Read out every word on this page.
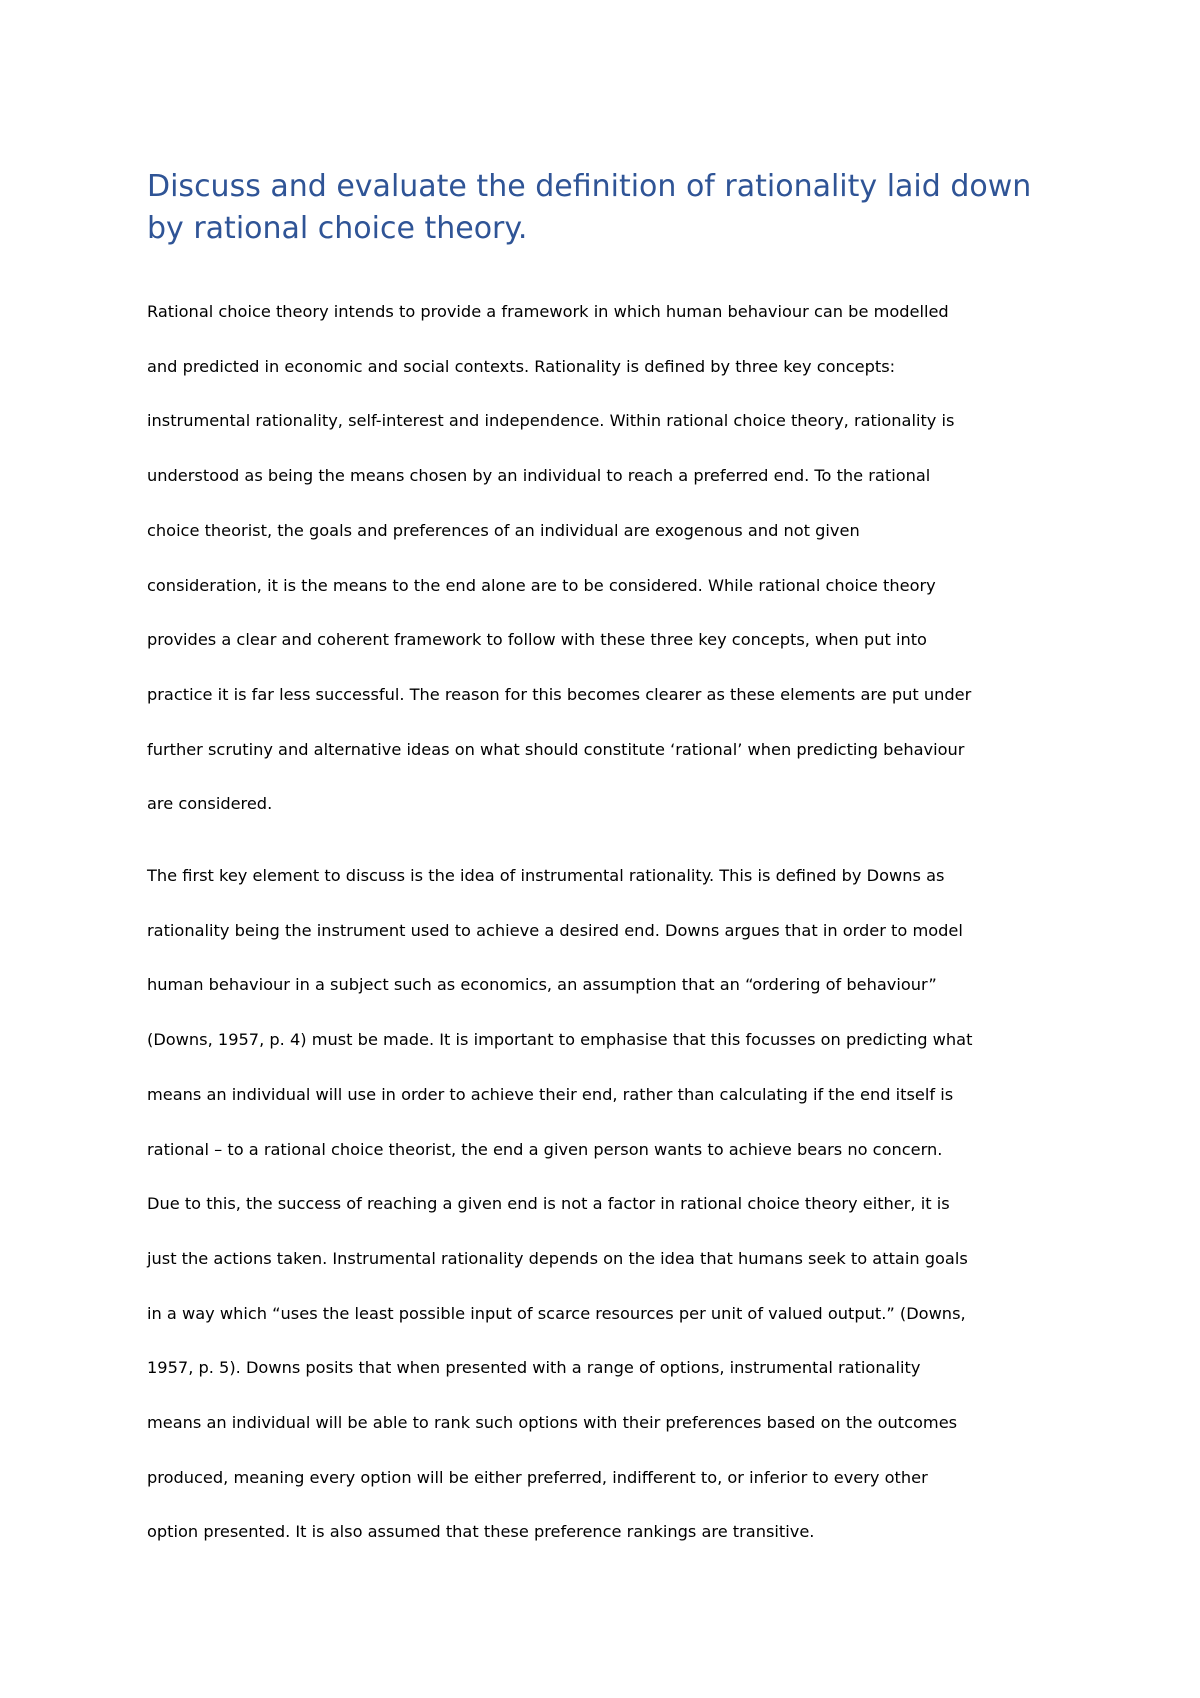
Discuss and evaluate the definition of rationality laid down by rational choice theory.

Rational choice theory intends to provide a framework in which human behaviour can be modelled
and predicted in economic and social contexts. Rationality is defined by three key concepts:
instrumental rationality, self-interest and independence. Within rational choice theory, rationality is
understood as being the means chosen by an individual to reach a preferred end. To the rational
choice theorist, the goals and preferences of an individual are exogenous and not given
consideration, it is the means to the end alone are to be considered. While rational choice theory
provides a clear and coherent framework to follow with these three key concepts, when put into
practice it is far less successful. The reason for this becomes clearer as these elements are put under
further scrutiny and alternative ideas on what should constitute ‘rational’ when predicting behaviour
are considered.

The first key element to discuss is the idea of instrumental rationality. This is defined by Downs as
rationality being the instrument used to achieve a desired end. Downs argues that in order to model
human behaviour in a subject such as economics, an assumption that an “ordering of behaviour”
(Downs, 1957, p. 4) must be made. It is important to emphasise that this focusses on predicting what
means an individual will use in order to achieve their end, rather than calculating if the end itself is
rational – to a rational choice theorist, the end a given person wants to achieve bears no concern.
Due to this, the success of reaching a given end is not a factor in rational choice theory either, it is
just the actions taken. Instrumental rationality depends on the idea that humans seek to attain goals
in a way which “uses the least possible input of scarce resources per unit of valued output.” (Downs,
1957, p. 5). Downs posits that when presented with a range of options, instrumental rationality
means an individual will be able to rank such options with their preferences based on the outcomes
produced, meaning every option will be either preferred, indifferent to, or inferior to every other
option presented. It is also assumed that these preference rankings are transitive.
